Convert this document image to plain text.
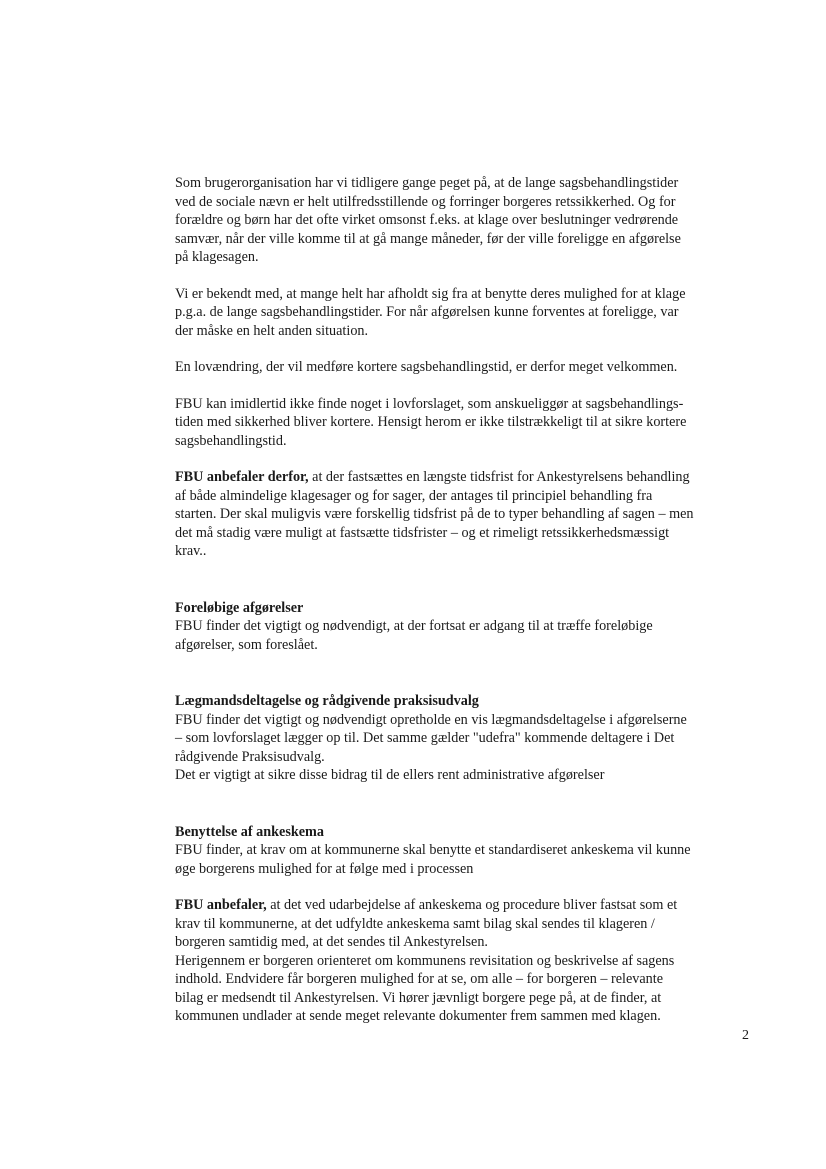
Som brugerorganisation har vi tidligere gange peget på, at de lange sagsbehandlingstider
ved de sociale nævn er helt utilfredsstillende og forringer borgeres retssikkerhed. Og for
forældre og børn har det ofte virket omsonst f.eks. at klage over beslutninger vedrørende
samvær, når der ville komme til at gå mange måneder, før der ville foreligge en afgørelse
på klagesagen.

Vi er bekendt med, at mange helt har afholdt sig fra at benytte deres mulighed for at klage
p.g.a. de lange sagsbehandlingstider. For når afgørelsen kunne forventes at foreligge, var
der måske en helt anden situation.

En lovændring, der vil medføre kortere sagsbehandlingstid, er derfor meget velkommen.

FBU kan imidlertid ikke finde noget i lovforslaget, som anskueliggør at sagsbehandlings-
tiden med sikkerhed bliver kortere. Hensigt herom er ikke tilstrækkeligt til at sikre kortere
sagsbehandlingstid.

FBU anbefaler derfor, at der fastsættes en længste tidsfrist for Ankestyrelsens behandling
af både almindelige klagesager og for sager, der antages til principiel behandling fra
starten. Der skal muligvis være forskellig tidsfrist på de to typer behandling af sagen – men
det må stadig være muligt at fastsætte tidsfrister – og et rimeligt retssikkerhedsmæssigt
krav..

Foreløbige afgørelser

FBU finder det vigtigt og nødvendigt, at der fortsat er adgang til at træffe foreløbige
afgørelser, som foreslået.

Lægmandsdeltagelse og rådgivende praksisudvalg

FBU finder det vigtigt og nødvendigt opretholde en vis lægmandsdeltagelse i afgørelserne
– som lovforslaget lægger op til. Det samme gælder "udefra" kommende deltagere i Det
rådgivende Praksisudvalg.
Det er vigtigt at sikre disse bidrag til de ellers rent administrative afgørelser

Benyttelse af ankeskema

FBU finder, at krav om at kommunerne skal benytte et standardiseret ankeskema vil kunne
øge borgerens mulighed for at følge med i processen

FBU anbefaler, at det ved udarbejdelse af ankeskema og procedure bliver fastsat som et
krav til kommunerne, at det udfyldte ankeskema samt bilag skal sendes til klageren /
borgeren samtidig med, at det sendes til Ankestyrelsen.
Herigennem er borgeren orienteret om kommunens revisitation og beskrivelse af sagens
indhold. Endvidere får borgeren mulighed for at se, om alle – for borgeren – relevante
bilag er medsendt til Ankestyrelsen. Vi hører jævnligt borgere pege på, at de finder, at
kommunen undlader at sende meget relevante dokumenter frem sammen med klagen.

2
